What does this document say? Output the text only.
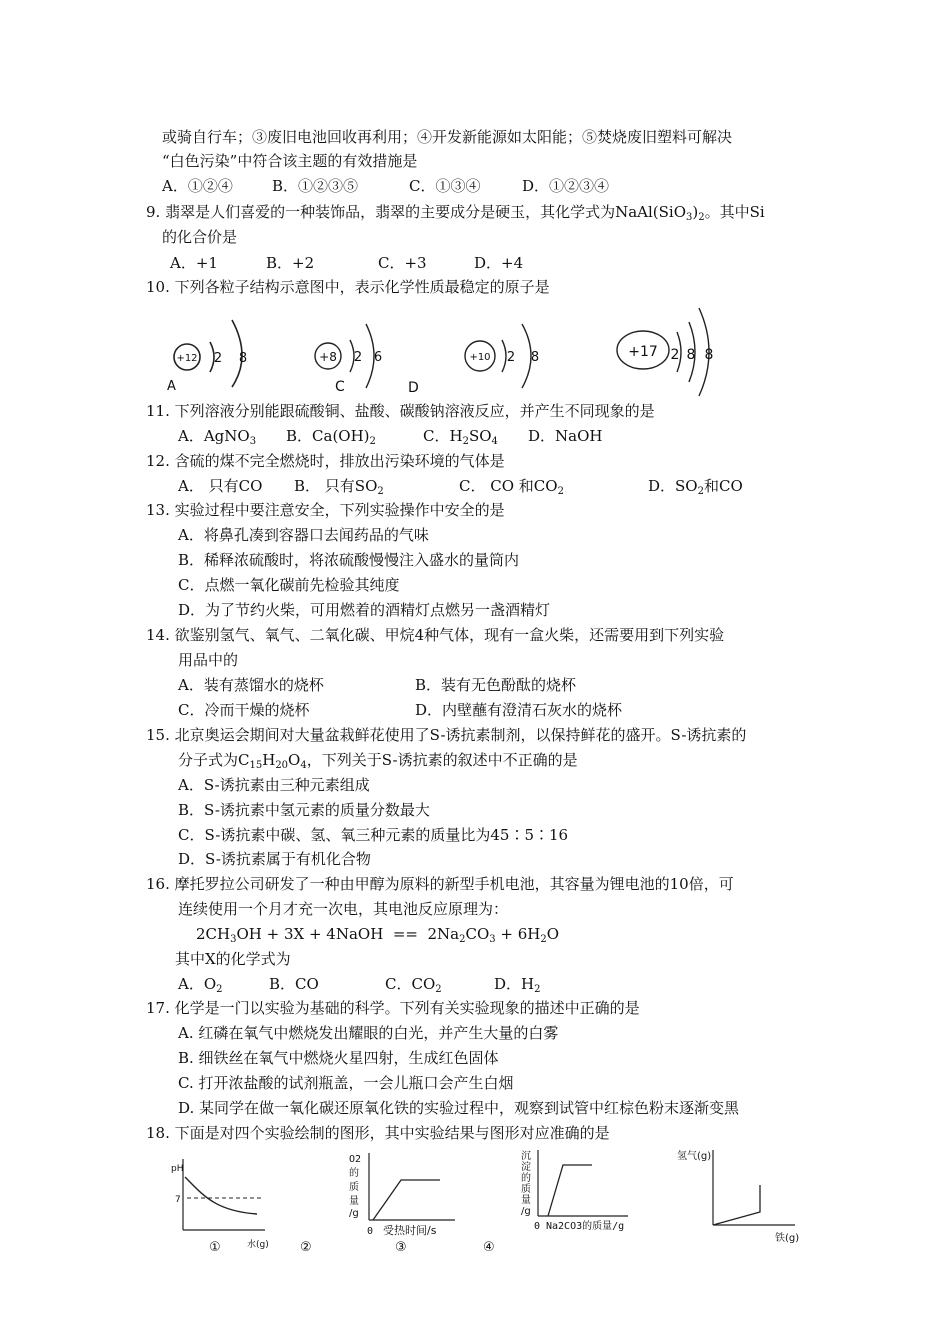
或骑自行车；③废旧电池回收再利用；④开发新能源如太阳能；⑤焚烧废旧塑料可解决
“白色污染”中符合该主题的有效措施是
A．①②④	B．①②③⑤	C．①③④	D．①②③④
9. 翡翠是人们喜爱的一种装饰品，翡翠的主要成分是硬玉，其化学式为$NaAl(SiO_3)_2$。其中Si
的化合价是
A．+1	B．+2	C．+3	D．+4
10. 下列各粒子结构示意图中，表示化学性质最稳定的原子是
+12 2 8
A
+8 2 6
C
+10 2 8
D
+17 2 8 8
11. 下列溶液分别能跟硫酸铜、盐酸、碳酸钠溶液反应，并产生不同现象的是
A．AgNO$_3$ B．$Ca(OH)_2$	C．$H_2SO_4$ D．NaOH
12. 含硫的煤不完全燃烧时，排放出污染环境的气体是
A． 只有CO B． 只有$SO_2$	C． CO 和$CO_2$	D．$SO_2$和CO
13. 实验过程中要注意安全，下列实验操作中安全的是
A．将鼻孔凑到容器口去闻药品的气味
B．稀释浓硫酸时，将浓硫酸慢慢注入盛水的量筒内
C．点燃一氧化碳前先检验其纯度
D．为了节约火柴，可用燃着的酒精灯点燃另一盏酒精灯
14. 欲鉴别氢气、氧气、二氧化碳、甲烷4种气体，现有一盒火柴，还需要用到下列实验
用品中的
A．装有蒸馏水的烧杯	B．装有无色酚酞的烧杯
C．冷而干燥的烧杯	D．内壁蘸有澄清石灰水的烧杯
15. 北京奥运会期间对大量盆栽鲜花使用了S-诱抗素制剂，以保持鲜花的盛开。S-诱抗素的
分子式为$C_{15}H_{20}O_4$，下列关于S-诱抗素的叙述中不正确的是
A．S-诱抗素由三种元素组成
B．S-诱抗素中氢元素的质量分数最大
C．S-诱抗素中碳、氢、氧三种元素的质量比为45∶5∶16
D．S-诱抗素属于有机化合物
16. 摩托罗拉公司研发了一种由甲醇为原料的新型手机电池，其容量为锂电池的10倍，可
连续使用一个月才充一次电，其电池反应原理为：
$2CH_3OH + 3X$ + 4NaOH  ==  $2Na_2CO_3 + 6H_2O$
其中X的化学式为
A．$O_2$	B．CO	C．$CO_2$	D．$H_2$
17. 化学是一门以实验为基础的科学。下列有关实验现象的描述中正确的是
A. 红磷在氧气中燃烧发出耀眼的白光，并产生大量的白雾
B. 细铁丝在氧气中燃烧火星四射，生成红色固体
C. 打开浓盐酸的试剂瓶盖，一会儿瓶口会产生白烟
D. 某同学在做一氧化碳还原氧化铁的实验过程中，观察到试管中红棕色粉末逐渐变黑
18. 下面是对四个实验绘制的图形，其中实验结果与图形对应准确的是
pH
7
水(g)
①	②
O2
的
质
量
/g
0 受热时间/s
③	④
沉
淀
的
质
量
/g
0 Na2CO3的质量/g
氢气(g)
铁(g)
